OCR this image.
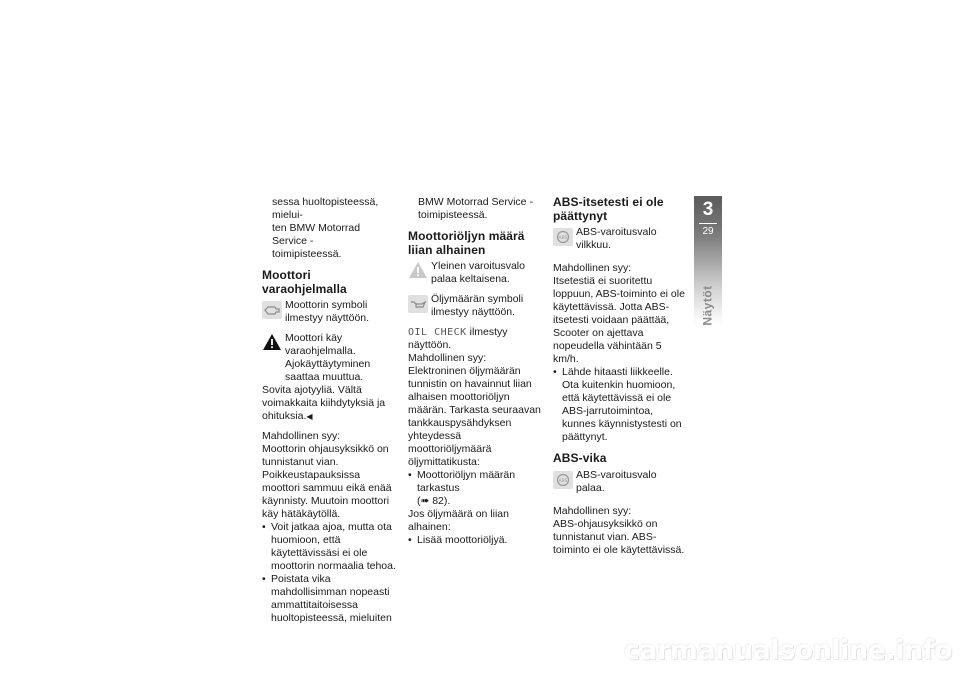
sessa huoltopisteessä, mielui-
ten BMW Motorrad Service -
toimipisteessä.

Moottori varaohjelmalla
Moottorin symboli ilmestyy näyttöön.
Moottori käy varaohjelmalla. Ajokäyttäytyminen saattaa muuttua.

Sovita ajotyyliä. Vältä voimakkaita kiihdytyksiä ja ohituksia.◀

Mahdollinen syy:

Moottorin ohjausyksikkö on tunnistanut vian. Poikkeustapauksissa moottori sammuu eikä enää käynnisty. Muutoin moottori käy hätäkäytöllä.

• Voit jatkaa ajoa, mutta ota huomioon, että käytettävissäsi ei ole moottorin normaalia tehoa.
• Poistata vika mahdollisimman nopeasti ammattitaitoisessa huoltopisteessä, mieluiten

BMW Motorrad Service -toimipisteessä.

Moottoriöljyn määrä liian alhainen
Yleinen varoitusvalo palaa keltaisena.
Öljymäärän symboli ilmestyy näyttöön.

OIL CHECK ilmestyy näyttöön.

Mahdollinen syy:

Elektroninen öljymäärän tunnistin on havainnut liian alhaisen moottoriöljyn määrän. Tarkasta seuraavan tankkauspysähdyksen yhteydessä moottoriöljymäärä öljymittatikusta:

• Moottoriöljyn määrän tarkastus
(➠ 82).

Jos öljymäärä on liian alhainen:

• Lisää moottoriöljyä.
ABS-itsetesti ei ole päättynyt
ABS
ABS-varoitusvalo vilkkuu.

Mahdollinen syy:

Itsetestiä ei suoritettu loppuun, ABS-toiminto ei ole käytettävissä. Jotta ABS-itsetesti voidaan päättää, Scooter on ajettava nopeudella vähintään 5 km/h.

• Lähde hitaasti liikkeelle. Ota kuitenkin huomioon, että käytettävissä ei ole ABS-jarrutoimintoa, kunnes käynnistystesti on päättynyt.
ABS-vika
ABS
ABS-varoitusvalo palaa.

Mahdollinen syy:

ABS-ohjausyksikkö on tunnistanut vian. ABS-toiminto ei ole käytettävissä.

3
29
Näytöt
carmanualsonline.info
